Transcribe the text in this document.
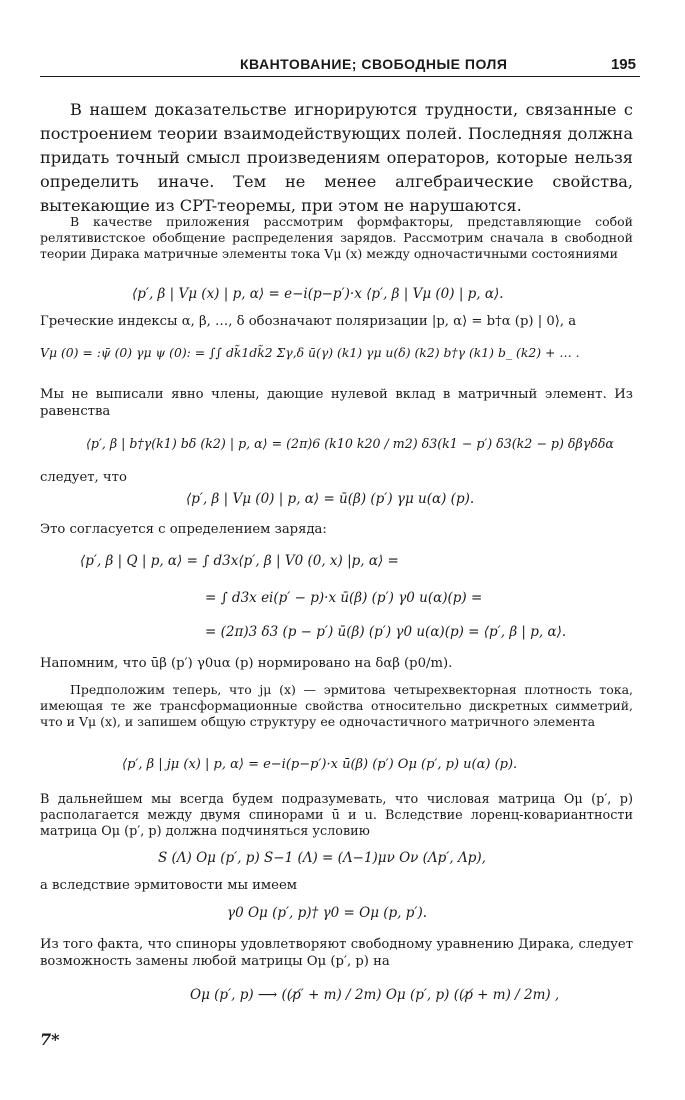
КВАНТОВАНИЕ; СВОБОДНЫЕ ПОЛЯ	195

В нашем доказательстве игнорируются трудности, связанные с построением теории взаимодействующих полей. Последняя должна придать точный смысл произведениям операторов, которые нельзя определить иначе. Тем не менее алгебраические свойства, вытекающие из CPT-теоремы, при этом не нарушаются.

В качестве приложения рассмотрим формфакторы, представляющие собой релятивистское обобщение распределения зарядов. Рассмотрим сначала в свободной теории Дирака матричные элементы тока Vμ (x) между одночастичными состояниями

⟨p′, β | Vμ (x) | p, α⟩ = e−i(p−p′)·x ⟨p′, β | Vμ (0) | p, α⟩.

Греческие индексы α, β, …, δ обозначают поляризации |p, α⟩ = b†α (p) | 0⟩, а

Vμ (0) = :ψ̄ (0) γμ ψ (0): = ∫∫ dk̃1dk̃2 Σγ,δ ū(γ) (k1) γμ u(δ) (k2) b†γ (k1) b_ (k2) + … .

Мы не выписали явно члены, дающие нулевой вклад в матричный элемент. Из равенства

⟨p′, β | b†γ(k1) bδ (k2) | p, α⟩ = (2π)6 (k10 k20 / m2) δ3(k1 − p′) δ3(k2 − p) δβγδδα

следует, что

⟨p′, β | Vμ (0) | p, α⟩ = ū(β) (p′) γμ u(α) (p).

Это согласуется с определением заряда:

⟨p′, β | Q | p, α⟩ = ∫ d3x⟨p′, β | V0 (0, x) |p, α⟩ =
= ∫ d3x ei(p′ − p)·x ū(β) (p′) γ0 u(α)(p) =
= (2π)3 δ3 (p − p′) ū(β) (p′) γ0 u(α)(p) = ⟨p′, β | p, α⟩.

Напомним, что ūβ (p′) γ0uα (p) нормировано на δαβ (p0/m).

Предположим теперь, что jμ (x) — эрмитова четырехвекторная плотность тока, имеющая те же трансформационные свойства относительно дискретных симметрий, что и Vμ (x), и запишем общую структуру ее одночастичного матричного элемента

⟨p′, β | jμ (x) | p, α⟩ = e−i(p−p′)·x ū(β) (p′) Oμ (p′, p) u(α) (p).

В дальнейшем мы всегда будем подразумевать, что числовая матрица Oμ (p′, p) располагается между двумя спинорами ū и u. Вследствие лоренц-ковариантности матрица Oμ (p′, p) должна подчиняться условию

S (Λ) Oμ (p′, p) S−1 (Λ) = (Λ−1)μν Oν (Λp′, Λp),

а вследствие эрмитовости мы имеем

γ0 Oμ (p′, p)† γ0 = Oμ (p, p′).

Из того факта, что спиноры удовлетворяют свободному уравнению Дирака, следует возможность замены любой матрицы Oμ (p′, p) на

Oμ (p′, p) ⟶ ((p̸′ + m) / 2m) Oμ (p′, p) ((p̸ + m) / 2m) ,
7*
